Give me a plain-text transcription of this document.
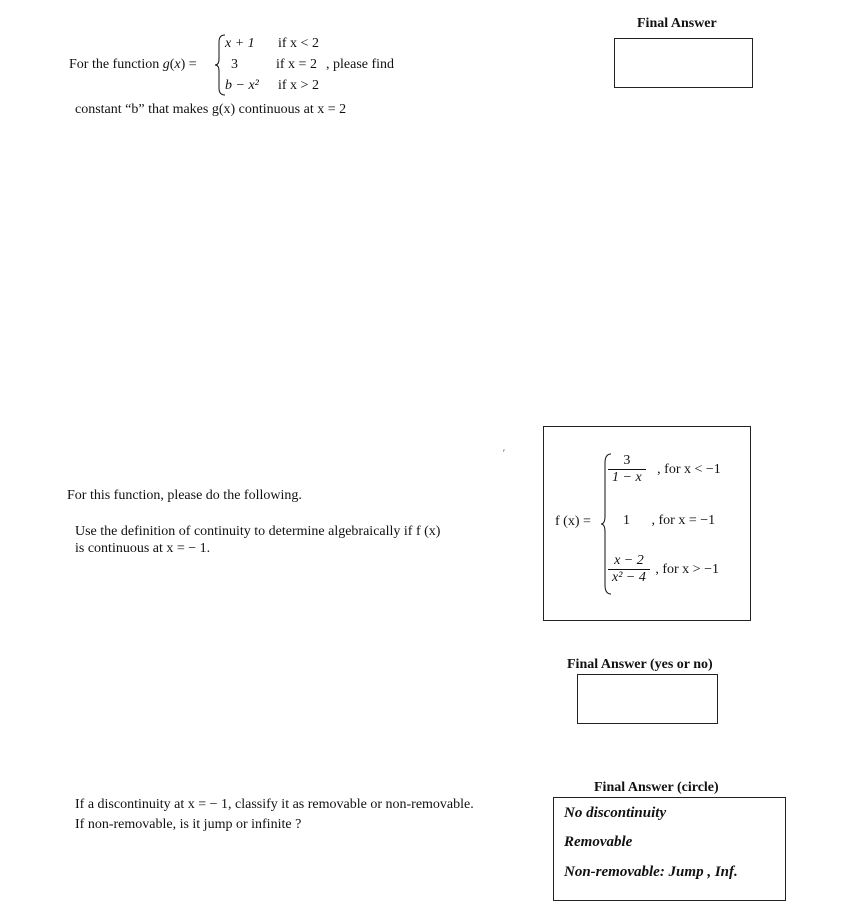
Final Answer
For the function g(x) =
x + 1 if x < 2
3	if x = 2
b − x² if x > 2
, please find
constant “b” that makes g(x) continuous at x = 2
′
f (x) =
$\frac{3}{1 - x}$ , for x < −1
1 , for x = −1
$\frac{x - 2}{\text{x² − 4}}$ , for x > −1
For this function, please do the following.
Use the definition of continuity to determine algebraically if f (x)
is continuous at x = − 1.
Final Answer (yes or no)
If a discontinuity at x = − 1, classify it as removable or non-removable.
If non-removable, is it jump or infinite ?
Final Answer (circle)
No discontinuity
Removable
Non-removable: Jump , Inf.
